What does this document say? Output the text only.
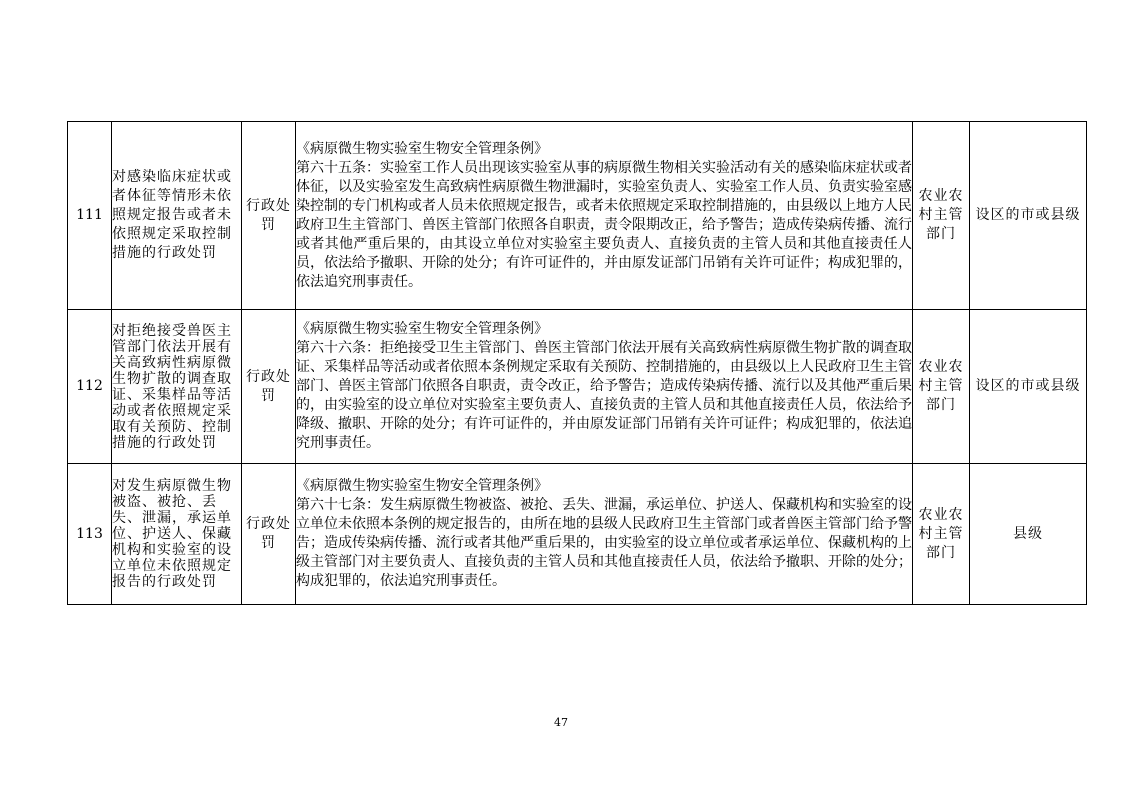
111	对感染临床症状或者体征等情形未依照规定报告或者未依照规定采取控制措施的行政处罚	行政处罚	《病原微生物实验室生物安全管理条例》
第六十五条：实验室工作人员出现该实验室从事的病原微生物相关实验活动有关的感染临床症状或者体征，以及实验室发生高致病性病原微生物泄漏时，实验室负责人、实验室工作人员、负责实验室感染控制的专门机构或者人员未依照规定报告，或者未依照规定采取控制措施的，由县级以上地方人民政府卫生主管部门、兽医主管部门依照各自职责，责令限期改正，给予警告；造成传染病传播、流行或者其他严重后果的，由其设立单位对实验室主要负责人、直接负责的主管人员和其他直接责任人员，依法给予撤职、开除的处分；有许可证件的，并由原发证部门吊销有关许可证件；构成犯罪的，依法追究刑事责任。	农业农村主管部门	设区的市或县级
112	对拒绝接受兽医主管部门依法开展有关高致病性病原微生物扩散的调查取证、采集样品等活动或者依照规定采取有关预防、控制措施的行政处罚	行政处罚	《病原微生物实验室生物安全管理条例》
第六十六条：拒绝接受卫生主管部门、兽医主管部门依法开展有关高致病性病原微生物扩散的调查取证、采集样品等活动或者依照本条例规定采取有关预防、控制措施的，由县级以上人民政府卫生主管部门、兽医主管部门依照各自职责，责令改正，给予警告；造成传染病传播、流行以及其他严重后果的，由实验室的设立单位对实验室主要负责人、直接负责的主管人员和其他直接责任人员，依法给予降级、撤职、开除的处分；有许可证件的，并由原发证部门吊销有关许可证件；构成犯罪的，依法追究刑事责任。	农业农村主管部门	设区的市或县级
113	对发生病原微生物被盗、被抢、丢失、泄漏，承运单位、护送人、保藏机构和实验室的设立单位未依照规定报告的行政处罚	行政处罚	《病原微生物实验室生物安全管理条例》
第六十七条：发生病原微生物被盗、被抢、丢失、泄漏，承运单位、护送人、保藏机构和实验室的设立单位未依照本条例的规定报告的，由所在地的县级人民政府卫生主管部门或者兽医主管部门给予警告；造成传染病传播、流行或者其他严重后果的，由实验室的设立单位或者承运单位、保藏机构的上级主管部门对主要负责人、直接负责的主管人员和其他直接责任人员，依法给予撤职、开除的处分；构成犯罪的，依法追究刑事责任。	农业农村主管部门	县级
47
